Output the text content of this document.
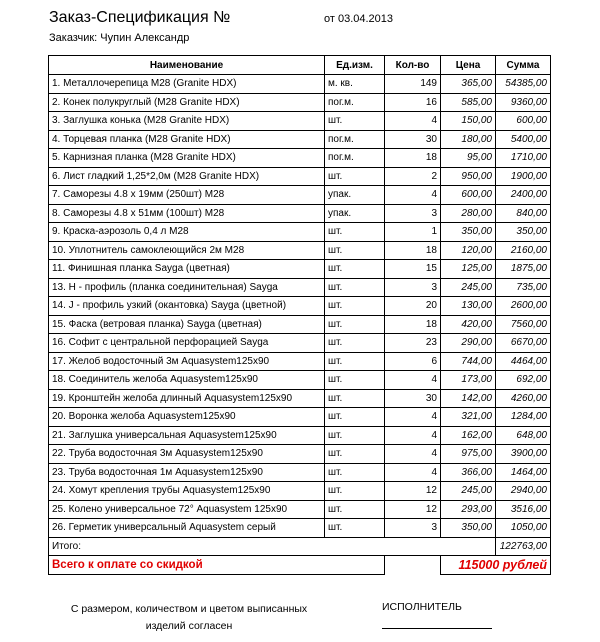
Заказ-Спецификация №	от 03.04.2013
Заказчик: Чупин Александр
Наименование	Ед.изм.	Кол-во	Цена	Сумма
1. Металлочерепица М28 (Granite HDX)	м. кв.	149	365,00	54385,00
2. Конек полукруглый (М28 Granite HDX)	пог.м.	16	585,00	9360,00
3. Заглушка конька (М28 Granite HDX)	шт.	4	150,00	600,00
4. Торцевая планка (М28 Granite HDX)	пог.м.	30	180,00	5400,00
5. Карнизная планка (М28 Granite HDX)	пог.м.	18	95,00	1710,00
6. Лист гладкий 1,25*2,0м (М28 Granite HDX)	шт.	2	950,00	1900,00
7. Саморезы 4.8 х 19мм (250шт) М28	упак.	4	600,00	2400,00
8. Саморезы 4.8 х 51мм (100шт) М28	упак.	3	280,00	840,00
9. Краска-аэрозоль 0,4 л М28	шт.	1	350,00	350,00
10. Уплотнитель самоклеющийся 2м М28	шт.	18	120,00	2160,00
11. Финишная планка Sayga (цветная)	шт.	15	125,00	1875,00
13. Н - профиль (планка соединительная) Sayga	шт.	3	245,00	735,00
14. J - профиль узкий (окантовка) Sayga (цветной)	шт.	20	130,00	2600,00
15. Фаска (ветровая планка) Sayga (цветная)	шт.	18	420,00	7560,00
16. Софит с центральной перфорацией Sayga	шт.	23	290,00	6670,00
17. Желоб водосточный 3м Aquasystem125x90	шт.	6	744,00	4464,00
18. Соединитель желоба Aquasystem125x90	шт.	4	173,00	692,00
19. Кронштейн желоба длинный Aquasystem125x90	шт.	30	142,00	4260,00
20. Воронка желоба Aquasystem125x90	шт.	4	321,00	1284,00
21. Заглушка универсальная Aquasystem125x90	шт.	4	162,00	648,00
22. Труба водосточная 3м Aquasystem125x90	шт.	4	975,00	3900,00
23. Труба водосточная 1м Aquasystem125x90	шт.	4	366,00	1464,00
24. Хомут крепления трубы Aquasystem125x90	шт.	12	245,00	2940,00
25. Колено универсальное 72° Aquasystem 125x90	шт.	12	293,00	3516,00
26. Герметик универсальный Aquasystem серый	шт.	3	350,00	1050,00
Итого:				122763,00
Всего к оплате со скидкой			115000 рублей	
С размером, количеством и цветом выписанных
изделий согласен
ИСПОЛНИТЕЛЬ
